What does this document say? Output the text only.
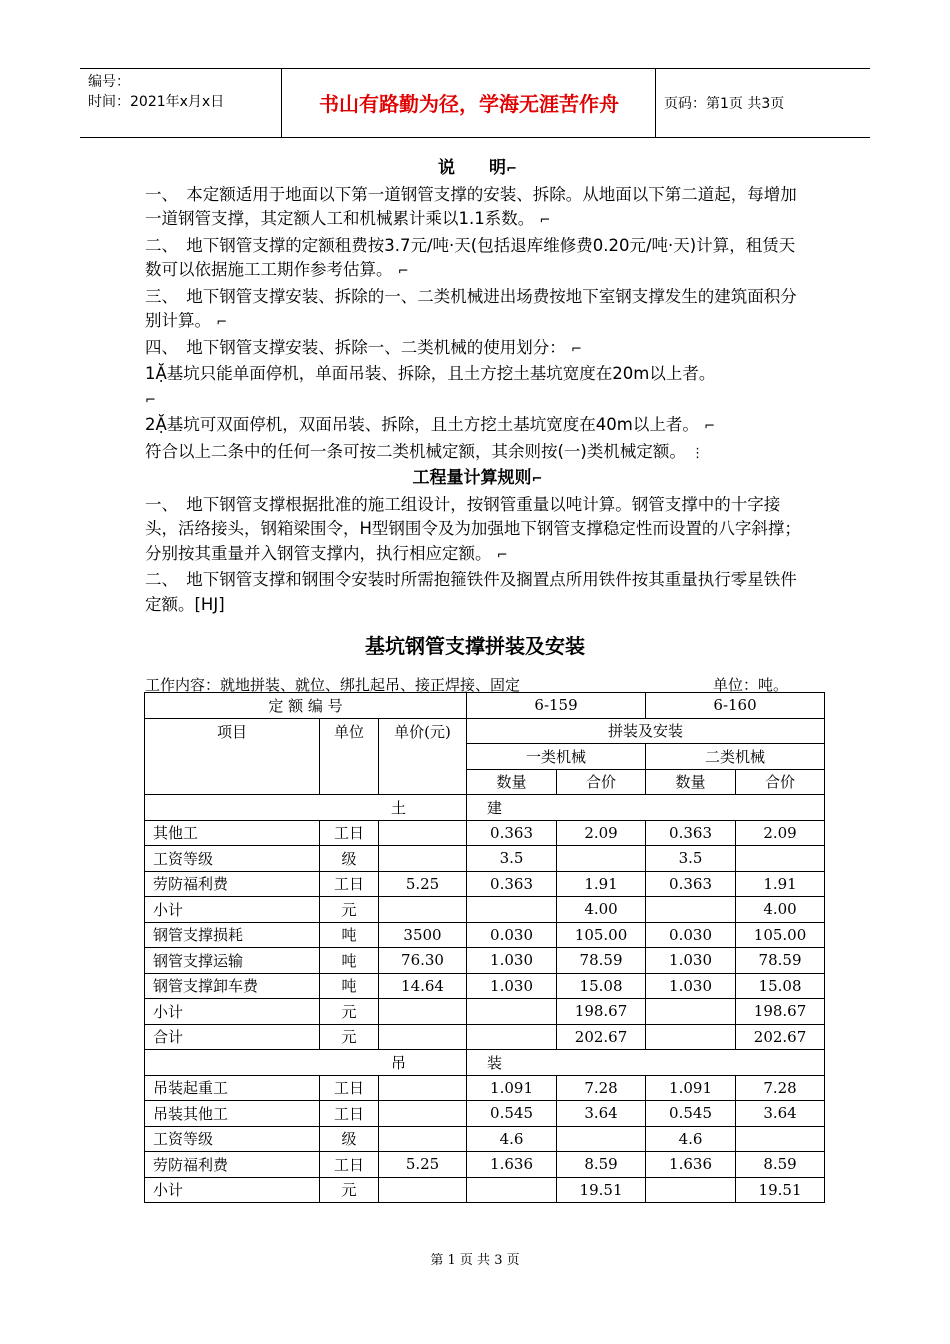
编号：
时间：2021年x月x日	书山有路勤为径，学海无涯苦作舟	页码：第1页 共3页
说　　明⌐
一、　本定额适用于地面以下第一道钢管支撑的安装、拆除。从地面以下第二道起，每增加一道钢管支撑，其定额人工和机械累计乘以1.1系数。 ⌐
二、　地下钢管支撑的定额租费按3.7元/吨·天(包括退库维修费0.20元/吨·天)计算，租赁天数可以依据施工工期作参考估算。 ⌐
三、　地下钢管支撑安装、拆除的一、二类机械进出场费按地下室钢支撑发生的建筑面积分别计算。 ⌐
四、　地下钢管支撑安装、拆除一、二类机械的使用划分： ⌐
1Ặ基坑只能单面停机，单面吊装、拆除，且土方挖土基坑宽度在20m以上者。
⌐
2Ặ基坑可双面停机，双面吊装、拆除，且土方挖土基坑宽度在40m以上者。 ⌐
符合以上二条中的任何一条可按二类机械定额，其余则按(一)类机械定额。 ⋮
工程量计算规则⌐
一、　地下钢管支撑根据批准的施工组设计，按钢管重量以吨计算。钢管支撑中的十字接头，活络接头，钢箱梁围令，H型钢围令及为加强地下钢管支撑稳定性而设置的八字斜撑；分别按其重量并入钢管支撑内，执行相应定额。 ⌐
二、　地下钢管支撑和钢围令安装时所需抱箍铁件及搁置点所用铁件按其重量执行零星铁件定额。[HJ]
基坑钢管支撑拼装及安装
工作内容：就地拼装、就位、绑扎起吊、接正焊接、固定	单位：吨。
定 额 编 号			6-159		6-160	
项目	单位	单价(元)	拼装及安装			
			一类机械		二类机械	
			数量	合价	数量	合价
土			建			
其他工	工日		0.363	2.09	0.363	2.09
工资等级	级		3.5		3.5	
劳防福利费	工日	5.25	0.363	1.91	0.363	1.91
小计	元			4.00		4.00
钢管支撑损耗	吨	3500	0.030	105.00	0.030	105.00
钢管支撑运输	吨	76.30	1.030	78.59	1.030	78.59
钢管支撑卸车费	吨	14.64	1.030	15.08	1.030	15.08
小计	元			198.67		198.67
合计	元			202.67		202.67
吊			装			
吊装起重工	工日		1.091	7.28	1.091	7.28
吊装其他工	工日		0.545	3.64	0.545	3.64
工资等级	级		4.6		4.6	
劳防福利费	工日	5.25	1.636	8.59	1.636	8.59
小计	元			19.51		19.51
第 1 页 共 3 页
